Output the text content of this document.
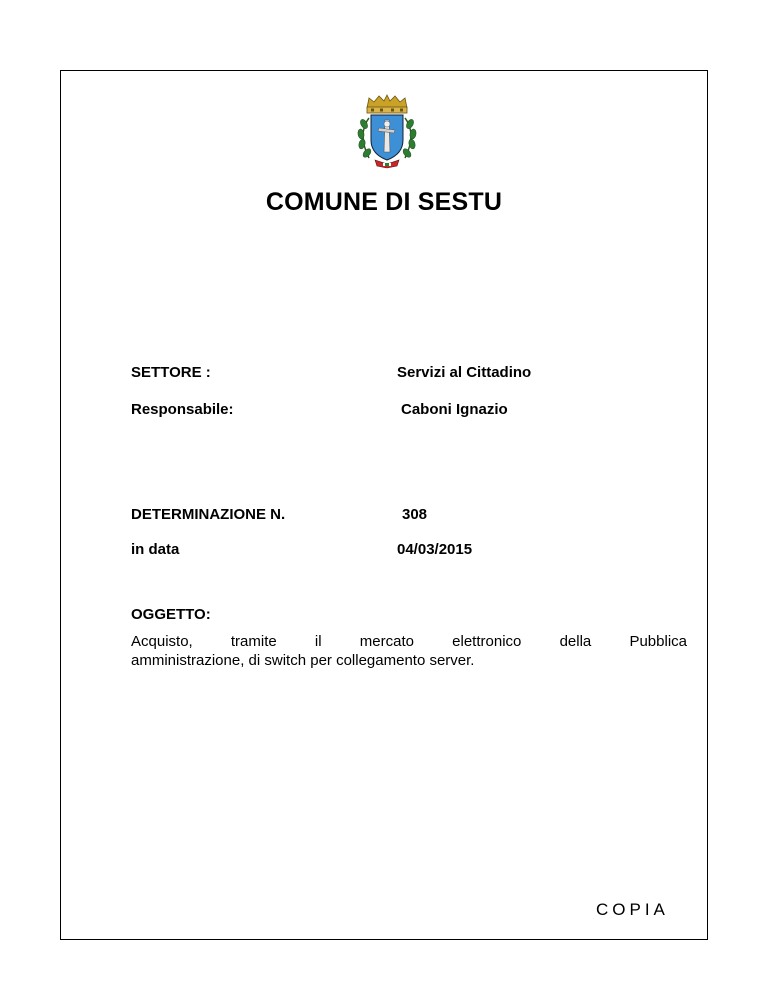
COMUNE DI SESTU
SETTORE :	Servizi al Cittadino
Responsabile:	Caboni Ignazio
DETERMINAZIONE N.	308
in data	04/03/2015
OGGETTO:
Acquisto,	tramite	il	mercato	elettronico	della	Pubblica
amministrazione, di switch per collegamento server.
COPIA
